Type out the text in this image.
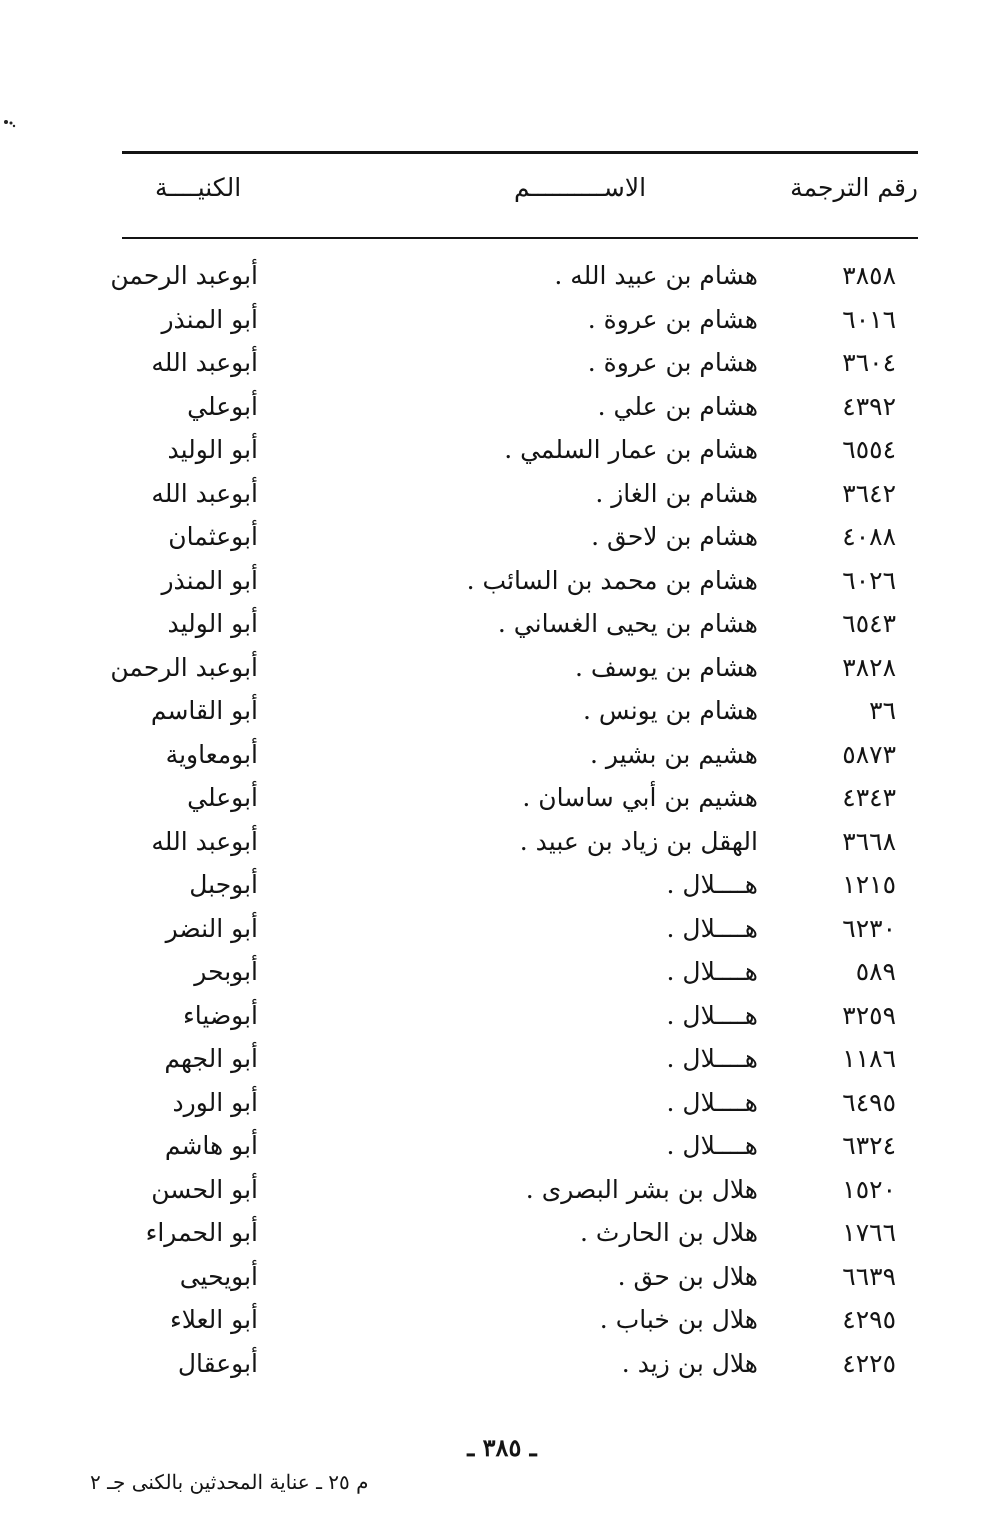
رقم الترجمة
الاســــــــــم
الكنيــــة
٣٨٥٨
هشام بن عبيد الله .
أبوعبد الرحمن
٦٠١٦
هشام بن عروة .
أبو المنذر
٣٦٠٤
هشام بن عروة .
أبوعبد الله
٤٣٩٢
هشام بن علي .
أبوعلي
٦٥٥٤
هشام بن عمار السلمي .
أبو الوليد
٣٦٤٢
هشام بن الغاز .
أبوعبد الله
٤٠٨٨
هشام بن لاحق .
أبوعثمان
٦٠٢٦
هشام بن محمد بن السائب .
أبو المنذر
٦٥٤٣
هشام بن يحيى الغساني .
أبو الوليد
٣٨٢٨
هشام بن يوسف .
أبوعبد الرحمن
٣٦
هشام بن يونس .
أبو القاسم
٥٨٧٣
هشيم بن بشير .
أبومعاوية
٤٣٤٣
هشيم بن أبي ساسان .
أبوعلي
٣٦٦٨
الهقل بن زياد بن عبيد .
أبوعبد الله
١٢١٥
هــــلال .
أبوجبل
٦٢٣٠
هــــلال .
أبو النضر
٥٨٩
هــــلال .
أبوبحر
٣٢٥٩
هــــلال .
أبوضياء
١١٨٦
هــــلال .
أبو الجهم
٦٤٩٥
هــــلال .
أبو الورد
٦٣٢٤
هــــلال .
أبو هاشم
١٥٢٠
هلال بن بشر البصرى .
أبو الحسن
١٧٦٦
هلال بن الحارث .
أبو الحمراء
٦٦٣٩
هلال بن حق .
أبويحيى
٤٢٩٥
هلال بن خباب .
أبو العلاء
٤٢٢٥
هلال بن زيد .
أبوعقال
ـ ٣٨٥ ـ
م ٢٥ ـ عناية المحدثين بالكنى جـ ٢
